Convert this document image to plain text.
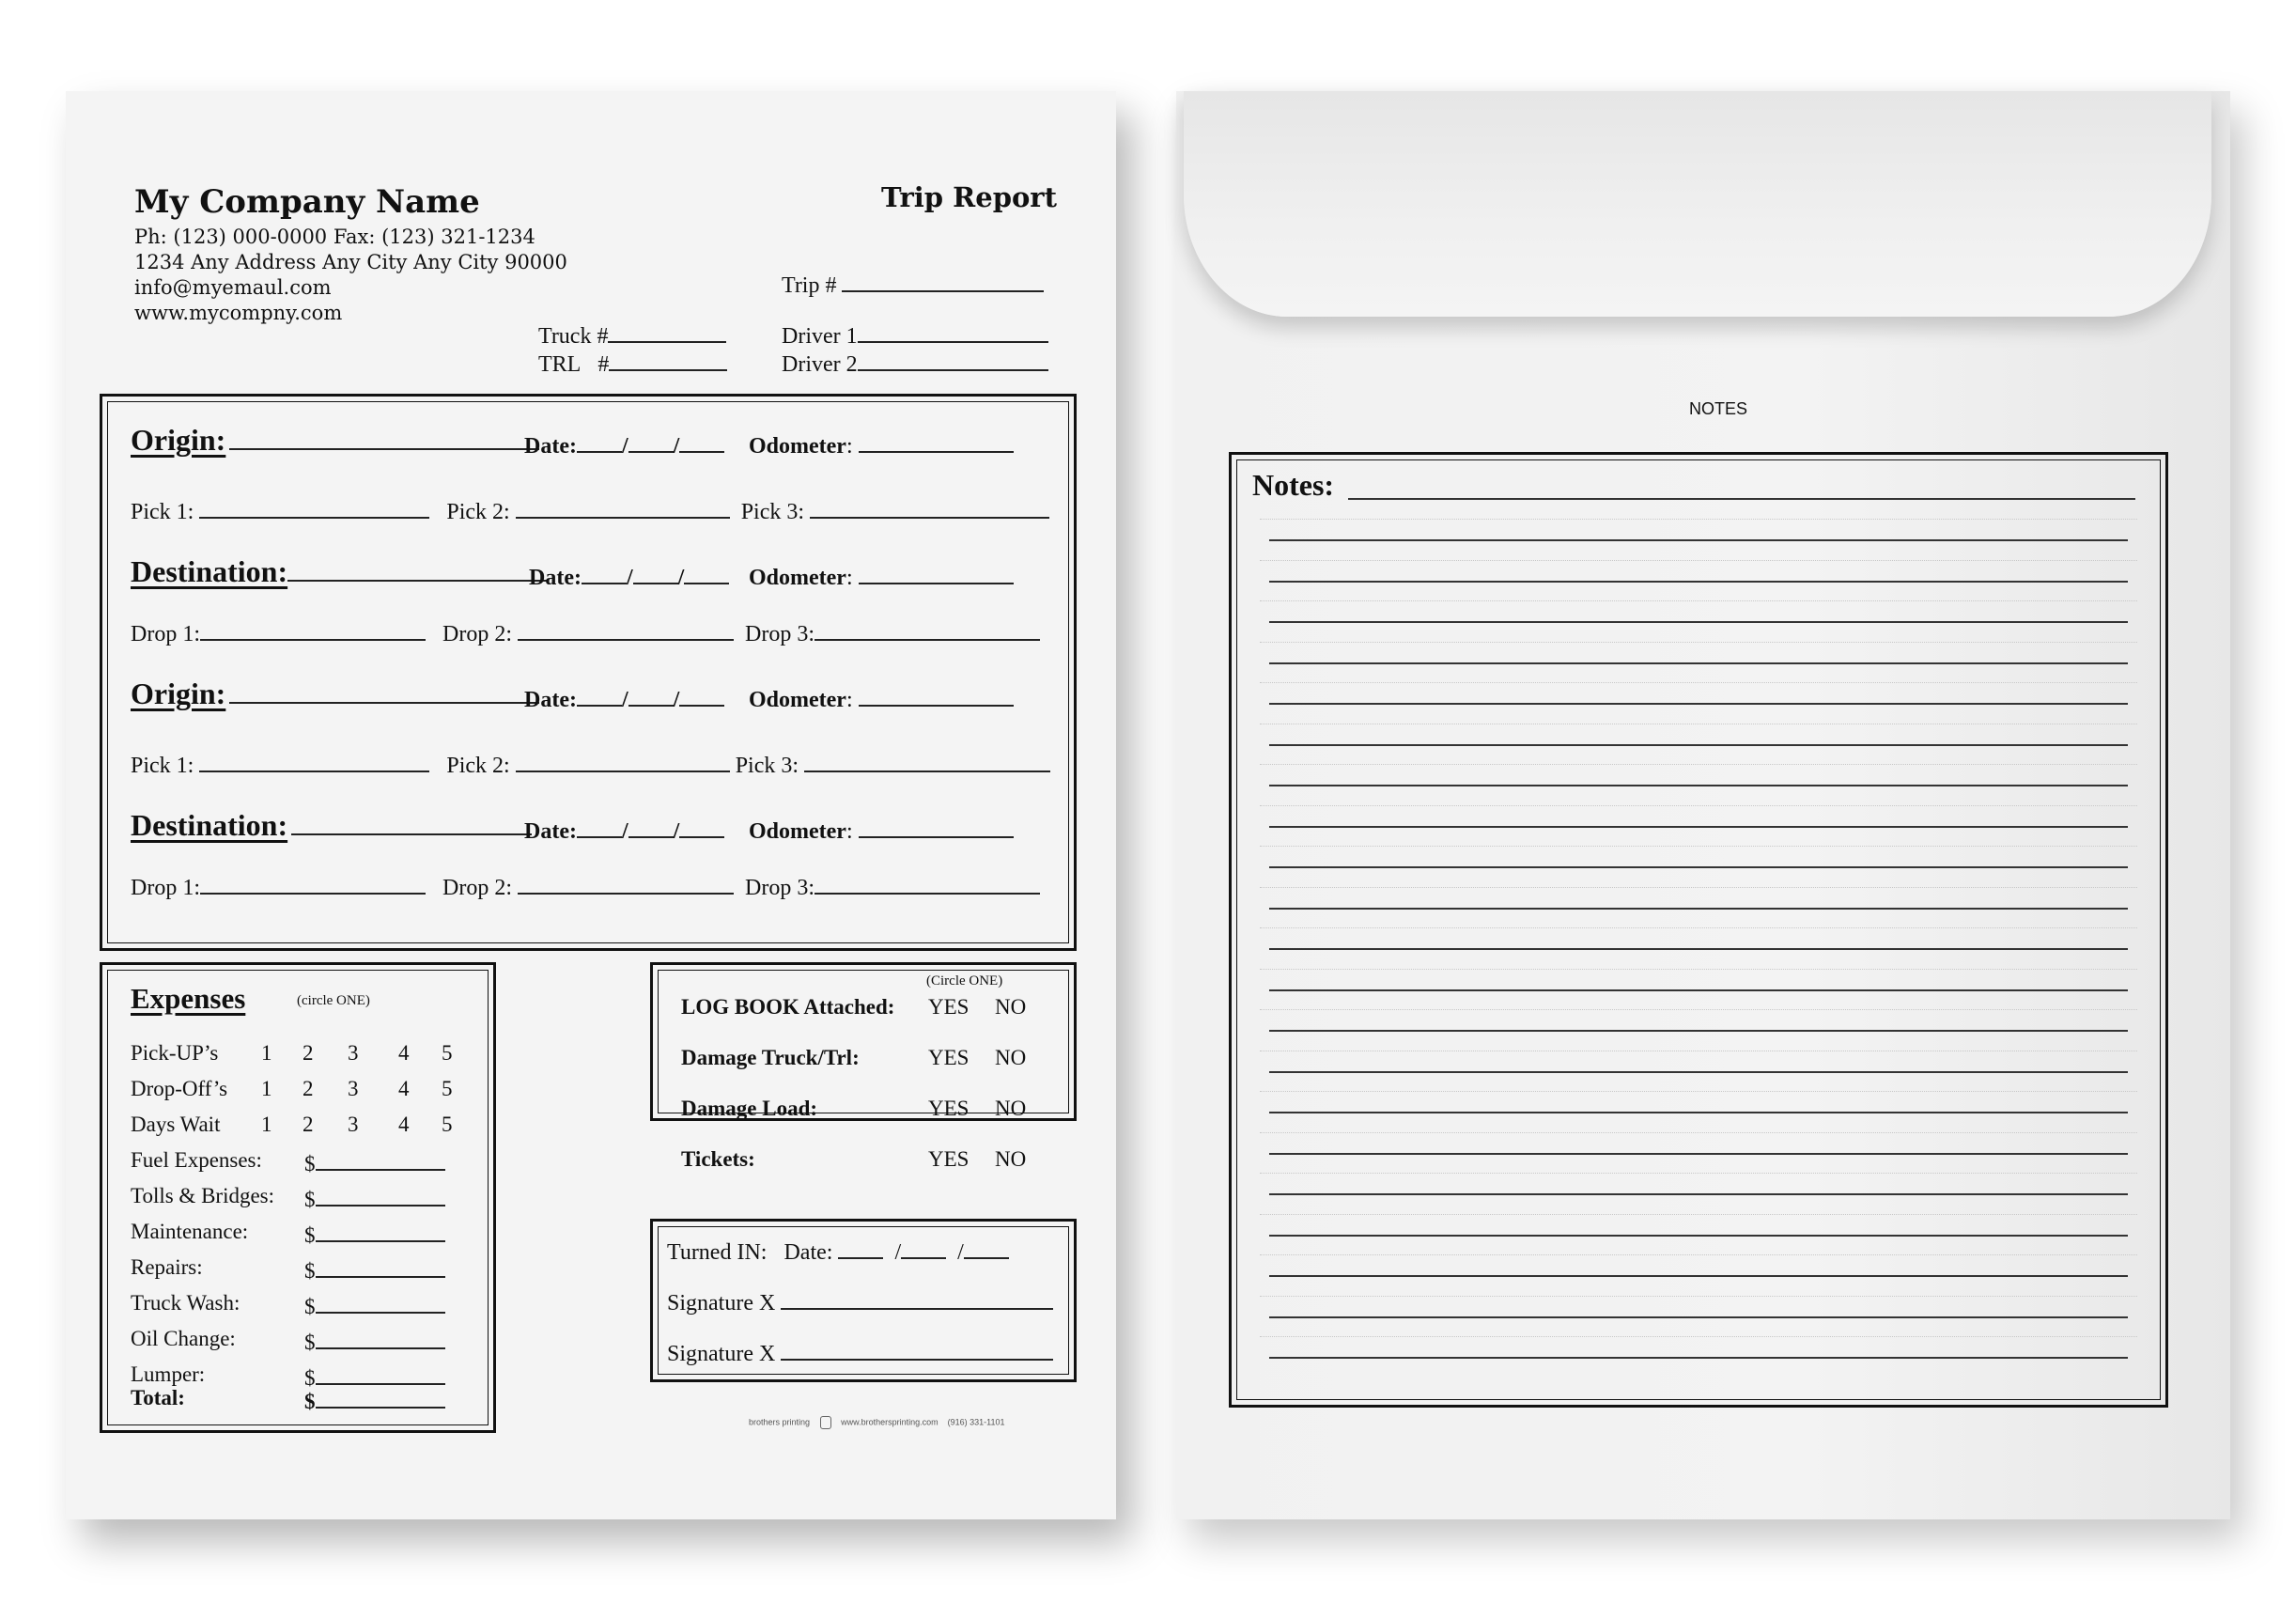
My Company Name
Ph: (123) 000-0000 Fax: (123) 321-1234
1234 Any Address Any City Any City 90000
info@myemaul.com
www.mycompny.com
Trip Report
Trip #
Truck #
TRL #
Driver 1
Driver 2
Origin:	Date: / /	Odometer:
Pick 1:	Pick 2:	Pick 3:
Destination:	Date: / /	Odometer:
Drop 1:	Drop 2:	Drop 3:
Origin:	Date: / /	Odometer:
Pick 1:	Pick 2:	Pick 3:
Destination:	Date: / /	Odometer:
Drop 1:	Drop 2:	Drop 3:
Expenses	(circle ONE)
Pick-UP’s 1 2 3 4 5
Drop-Off’s 1 2 3 4 5
Days Wait 1 2 3 4 5
Fuel Expenses: $
Tolls & Bridges: $
Maintenance:	$
Repairs:	$
Truck Wash:	$
Oil Change:	$
Lumper:	$
Total:	$
(Circle ONE)
LOG BOOK Attached: YES NO
Damage Truck/Trl:	YES NO
Damage Load:	YES NO
Tickets:	YES NO
Turned IN: Date:	/	/
Signature X
Signature X
brothers printing	www.brothersprinting.com (916) 331-1101
NOTES
Notes:
